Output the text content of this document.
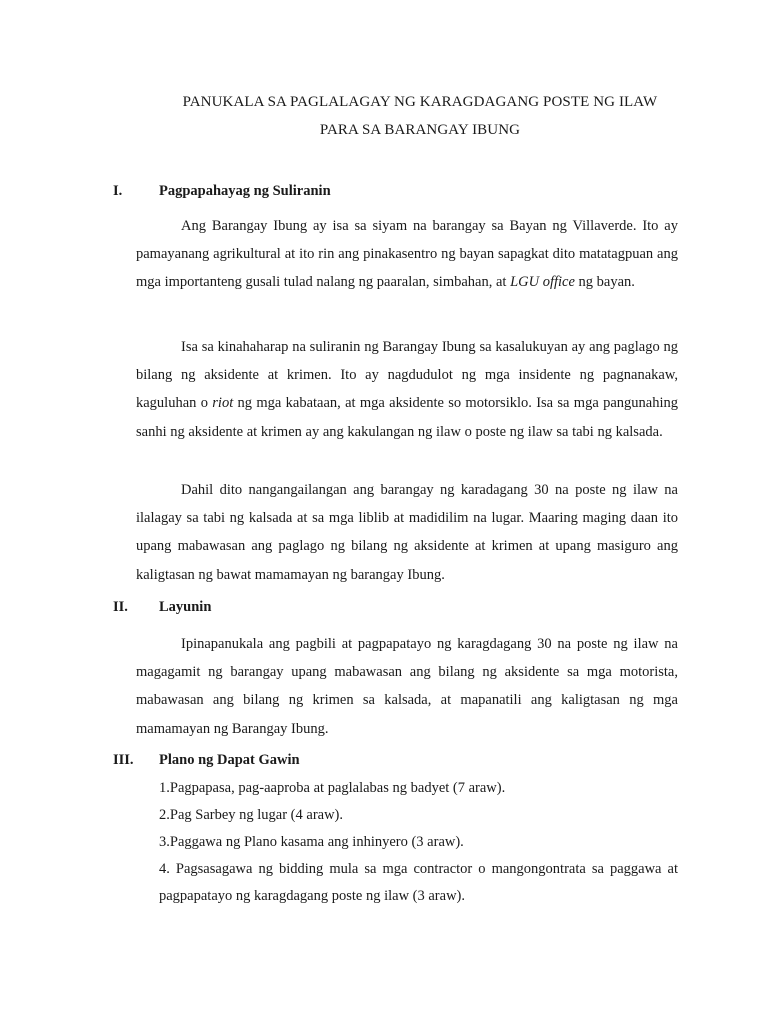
PANUKALA SA PAGLALAGAY NG KARAGDAGANG POSTE NG ILAW
PARA SA BARANGAY IBUNG
I.	Pagpapahayag ng Suliranin

Ang Barangay Ibung ay isa sa siyam na barangay sa Bayan ng Villaverde. Ito ay pamayanang agrikultural at ito rin ang pinakasentro ng bayan sapagkat dito matatagpuan ang mga importanteng gusali tulad nalang ng paaralan, simbahan, at LGU office ng bayan.

Isa sa kinahaharap na suliranin ng Barangay Ibung sa kasalukuyan ay ang paglago ng bilang ng aksidente at krimen. Ito ay nagdudulot ng mga insidente ng pagnanakaw, kaguluhan o riot ng mga kabataan, at mga aksidente so motorsiklo. Isa sa mga pangunahing sanhi ng aksidente at krimen ay ang kakulangan ng ilaw o poste ng ilaw sa tabi ng kalsada.

Dahil dito nangangailangan ang barangay ng karadagang 30 na poste ng ilaw na ilalagay sa tabi ng kalsada at sa mga liblib at madidilim na lugar. Maaring maging daan ito upang mabawasan ang paglago ng bilang ng aksidente at krimen at upang masiguro ang kaligtasan ng bawat mamamayan ng barangay Ibung.

II. Layunin

Ipinapanukala ang pagbili at pagpapatayo ng karagdagang 30 na poste ng ilaw na magagamit ng barangay upang mabawasan ang bilang ng aksidente sa mga motorista, mabawasan ang bilang ng krimen sa kalsada, at mapanatili ang kaligtasan ng mga mamamayan ng Barangay Ibung.

III. Plano ng Dapat Gawin
1.Pagpapasa, pag-aaproba at paglalabas ng badyet (7 araw).
2.Pag Sarbey ng lugar (4 araw).
3.Paggawa ng Plano kasama ang inhinyero (3 araw).
4. Pagsasagawa ng bidding mula sa mga contractor o mangongontrata sa paggawa at pagpapatayo ng karagdagang poste ng ilaw (3 araw).
